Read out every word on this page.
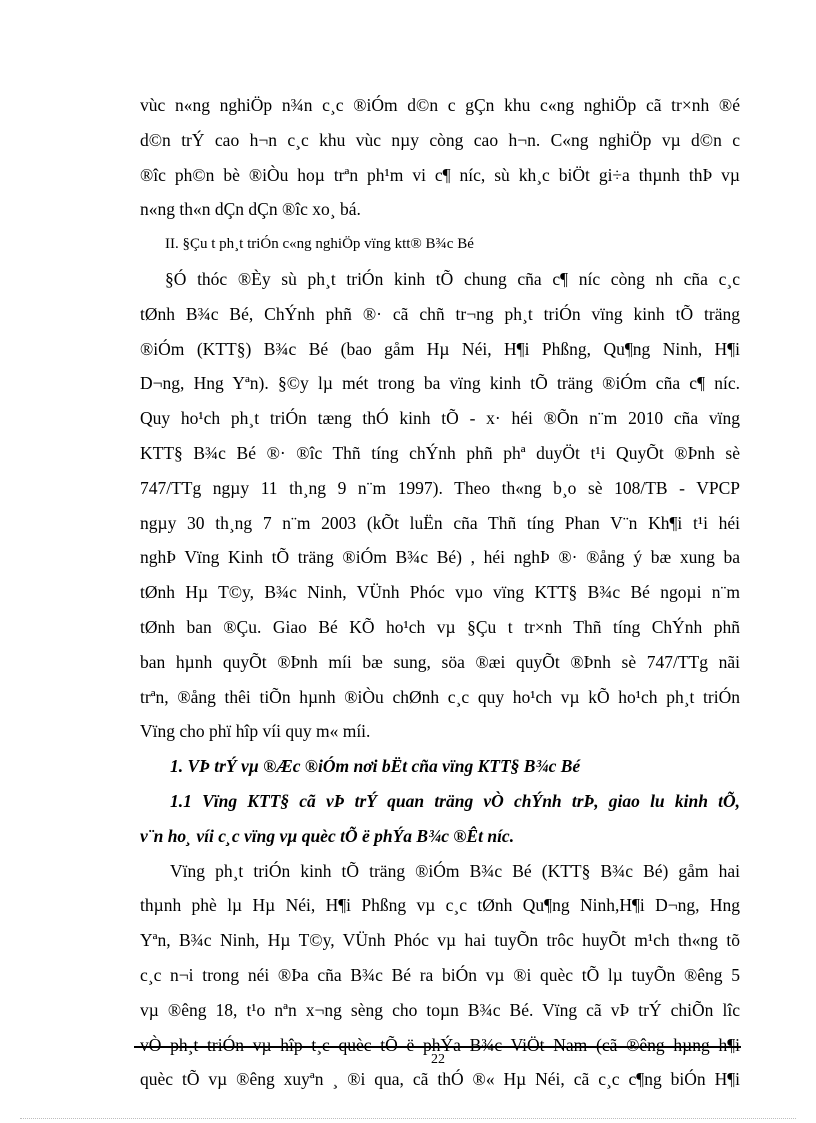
vùc n«ng nghiÖp n¾n c¸c ®iÓm d©n c gÇn khu c«ng nghiÖp cã tr×nh ®é
d©n trÝ cao h¬n c¸c khu vùc nµy còng cao h¬n. C«ng nghiÖp vµ d©n c
®îc ph©n bè ®iÒu hoµ trªn ph¹m vi c¶ níc, sù kh¸c biÖt gi÷a thµnh thÞ vµ
n«ng th«n dÇn dÇn ®îc xo¸ bá.
II. §Çu t ph¸t triÓn c«ng nghiÖp vïng ktt® B¾c Bé
§Ó thóc ®Èy sù ph¸t triÓn kinh tÕ chung cña c¶ níc còng nh cña c¸c
tØnh B¾c Bé, ChÝnh phñ ®· cã chñ tr¬ng ph¸t triÓn vïng kinh tÕ träng
®iÓm (KTT§) B¾c Bé (bao gåm Hµ Néi, H¶i Phßng, Qu¶ng Ninh, H¶i
D¬ng, Hng Yªn). §©y lµ mét trong ba vïng kinh tÕ träng ®iÓm cña c¶ níc.
Quy ho¹ch ph¸t triÓn tæng thÓ kinh tÕ - x· héi ®Õn n¨m 2010 cña vïng
KTT§ B¾c Bé ®· ®îc Thñ tíng chÝnh phñ phª duyÖt t¹i QuyÕt ®Þnh sè
747/TTg ngµy 11 th¸ng 9 n¨m 1997). Theo th«ng b¸o sè 108/TB - VPCP
ngµy 30 th¸ng 7 n¨m 2003 (kÕt luËn cña Thñ tíng Phan V¨n Kh¶i t¹i héi
nghÞ Vïng Kinh tÕ träng ®iÓm B¾c Bé) , héi nghÞ ®· ®ång ý bæ xung ba
tØnh Hµ T©y, B¾c Ninh, VÜnh Phóc vµo vïng KTT§ B¾c Bé ngoµi n¨m
tØnh ban ®Çu. Giao Bé KÕ ho¹ch vµ §Çu t tr×nh Thñ tíng ChÝnh phñ
ban hµnh quyÕt ®Þnh míi bæ sung, söa ®æi quyÕt ®Þnh sè 747/TTg nãi
trªn, ®ång thêi tiÕn hµnh ®iÒu chØnh c¸c quy ho¹ch vµ kÕ ho¹ch ph¸t triÓn
Vïng cho phï hîp víi quy m« míi.
1. VÞ trÝ vµ ®Æc ®iÓm nơi bËt cña vïng KTT§ B¾c Bé
1.1 Vïng KTT§ cã vÞ trÝ quan träng vÒ chÝnh trÞ, giao lu kinh tÕ,
v¨n ho¸ víi c¸c vïng vµ quèc tÕ ë phÝa B¾c ®Êt níc.
Vïng ph¸t triÓn kinh tÕ träng ®iÓm B¾c Bé (KTT§ B¾c Bé) gåm hai
thµnh phè lµ Hµ Néi, H¶i Phßng vµ c¸c tØnh Qu¶ng Ninh,H¶i D¬ng, Hng
Yªn, B¾c Ninh, Hµ T©y, VÜnh Phóc vµ hai tuyÕn trôc huyÕt m¹ch th«ng tõ
c¸c n¬i trong néi ®Þa cña B¾c Bé ra biÓn vµ ®i quèc tÕ lµ tuyÕn ®êng 5
vµ ®êng 18, t¹o nªn x¬ng sèng cho toµn B¾c Bé. Vïng cã vÞ trÝ chiÕn lîc
vÒ ph¸t triÓn vµ hîp t¸c quèc tÕ ë phÝa B¾c ViÖt Nam (cã ®êng hµng h¶i
quèc tÕ vµ ®êng xuyªn ¸ ®i qua, cã thÓ ®« Hµ Néi, cã c¸c c¶ng biÓn H¶i
22
